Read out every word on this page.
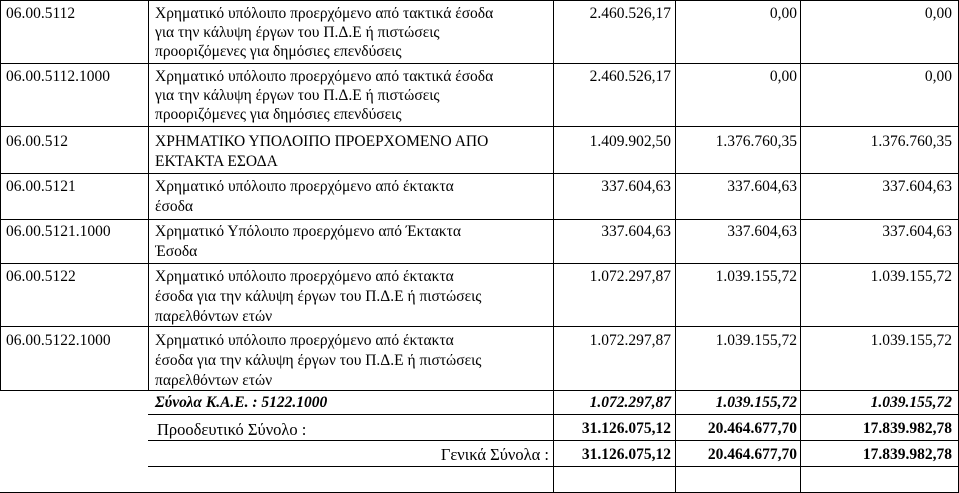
06.00.5112	Χρηματικό υπόλοιπο προερχόμενο από τακτικά έσοδα
για την κάλυψη έργων του Π.Δ.Ε ή πιστώσεις
προοριζόμενες για δημόσιες επενδύσεις
2.460.526,17	0,00	0,00
06.00.5112.1000	Χρηματικό υπόλοιπο προερχόμενο από τακτικά έσοδα
για την κάλυψη έργων του Π.Δ.Ε ή πιστώσεις
προοριζόμενες για δημόσιες επενδύσεις
2.460.526,17	0,00	0,00
06.00.512	ΧΡΗΜΑΤΙΚΟ ΥΠΟΛΟΙΠΟ ΠΡΟΕΡΧΟΜΕΝΟ ΑΠΟ
ΕΚΤΑΚΤΑ ΕΣΟΔΑ
1.409.902,50	1.376.760,35	1.376.760,35
06.00.5121	Χρηματικό υπόλοιπο προερχόμενο από έκτακτα
έσοδα
337.604,63	337.604,63	337.604,63
06.00.5121.1000	Χρηματικό Υπόλοιπο προερχόμενο από Έκτακτα
Έσοδα
337.604,63	337.604,63	337.604,63
06.00.5122	Χρηματικό υπόλοιπο προερχόμενο από έκτακτα
έσοδα για την κάλυψη έργων του Π.Δ.Ε ή πιστώσεις
παρελθόντων ετών
1.072.297,87	1.039.155,72	1.039.155,72
06.00.5122.1000	Χρηματικό υπόλοιπο προερχόμενο από έκτακτα
έσοδα για την κάλυψη έργων του Π.Δ.Ε ή πιστώσεις
παρελθόντων ετών
1.072.297,87	1.039.155,72	1.039.155,72
Σύνολα Κ.Α.Ε. : 5122.1000	1.072.297,87	1.039.155,72	1.039.155,72
Προοδευτικό Σύνολο :	31.126.075,12 20.464.677,70	17.839.982,78
Γενικά Σύνολα : 31.126.075,12 20.464.677,70	17.839.982,78
